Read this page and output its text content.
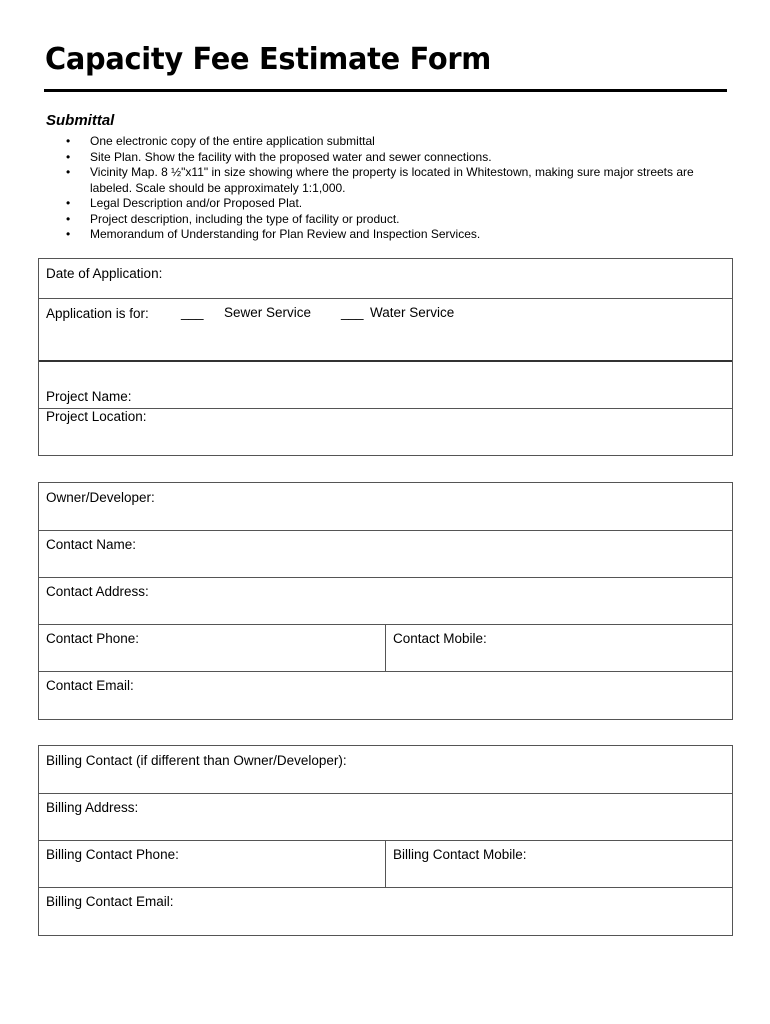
Capacity Fee Estimate Form
Submittal
• One electronic copy of the entire application submittal
• Site Plan. Show the facility with the proposed water and sewer connections.
• Vicinity Map. 8 ½"x11" in size showing where the property is located in Whitestown, making sure major streets are labeled. Scale should be approximately 1:1,000.
• Legal Description and/or Proposed Plat.
• Project description, including the type of facility or product.
• Memorandum of Understanding for Plan Review and Inspection Services.
Date of Application:
Application is for:	___ Sewer Service ___ Water Service
Project Name:
Project Location:
Owner/Developer:
Contact Name:
Contact Address:
Contact Phone:	Contact Mobile:
Contact Email:
Billing Contact (if different than Owner/Developer):
Billing Address:
Billing Contact Phone:	Billing Contact Mobile:
Billing Contact Email:
